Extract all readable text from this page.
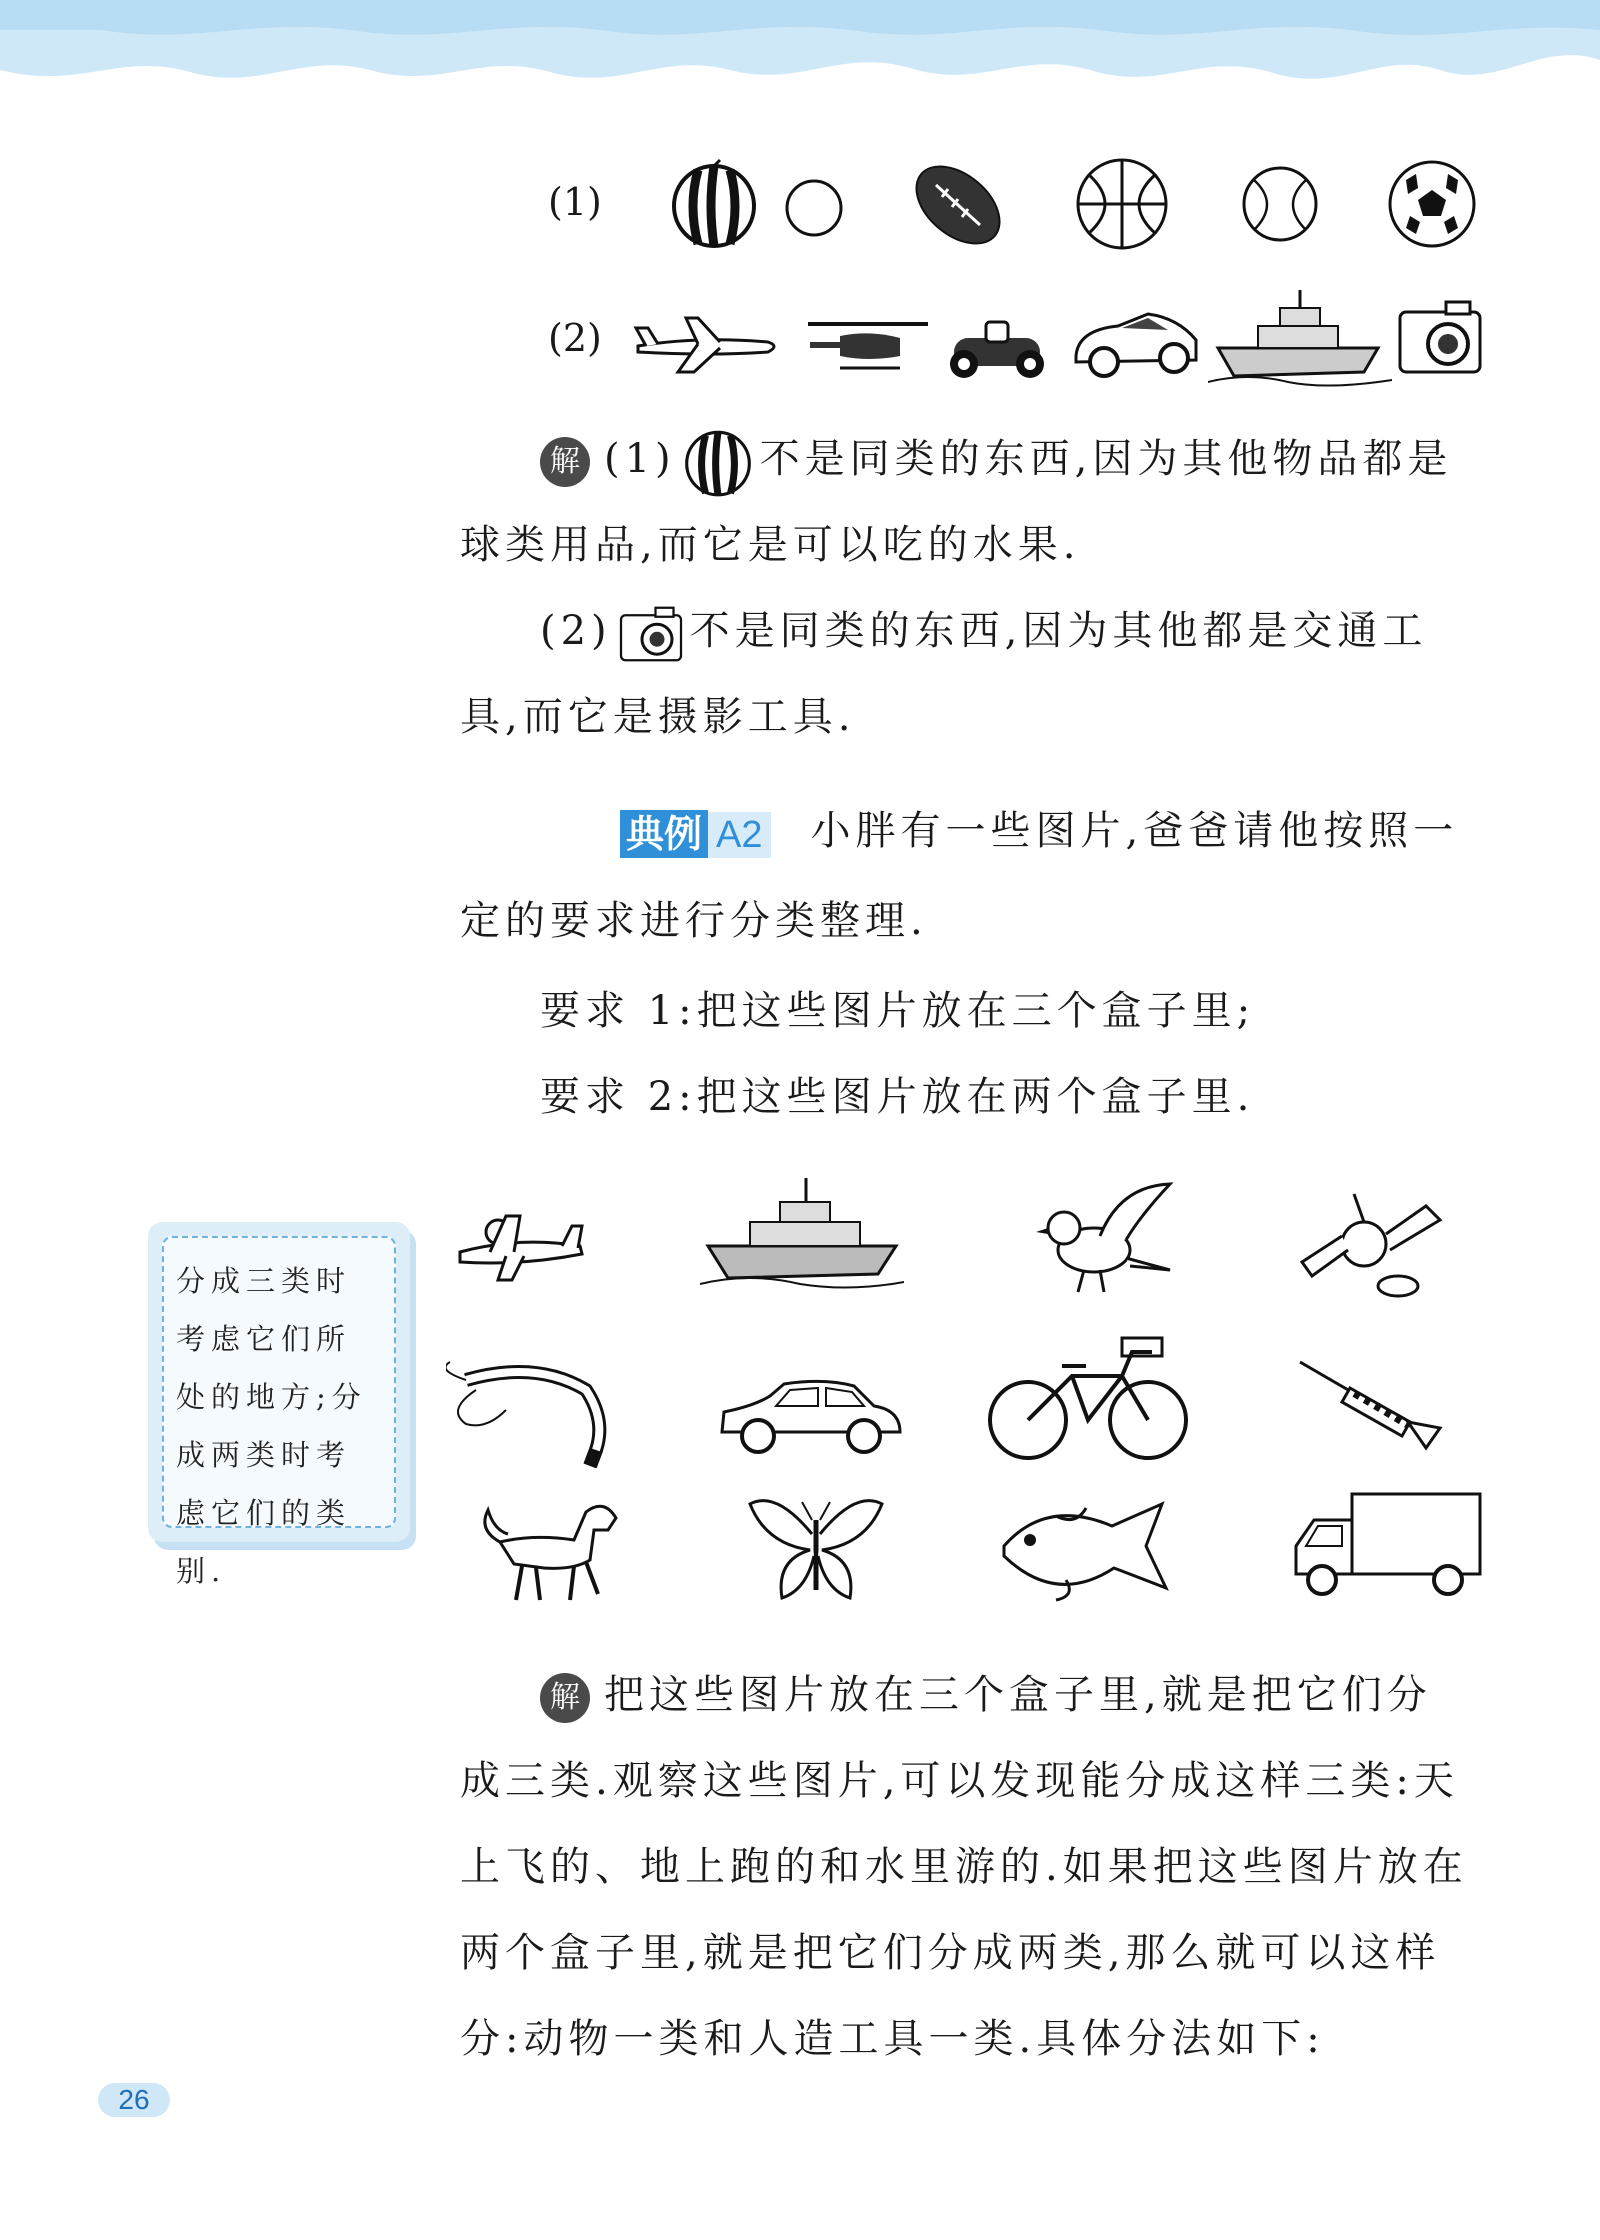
(1)
(2)
解 (1) 不是同类的东西,因为其他物品都是球类用品,而它是可以吃的水果.
(2) 不是同类的东西,因为其他都是交通工具,而它是摄影工具.
典例 A2 小胖有一些图片,爸爸请他按照一定的要求进行分类整理.
要求 1:把这些图片放在三个盒子里;
要求 2:把这些图片放在两个盒子里.
分成三类时考虑它们所处的地方;分成两类时考虑它们的类别.
解 把这些图片放在三个盒子里,就是把它们分成三类.观察这些图片,可以发现能分成这样三类:天上飞的、地上跑的和水里游的.如果把这些图片放在两个盒子里,就是把它们分成两类,那么就可以这样分:动物一类和人造工具一类.具体分法如下:
26
